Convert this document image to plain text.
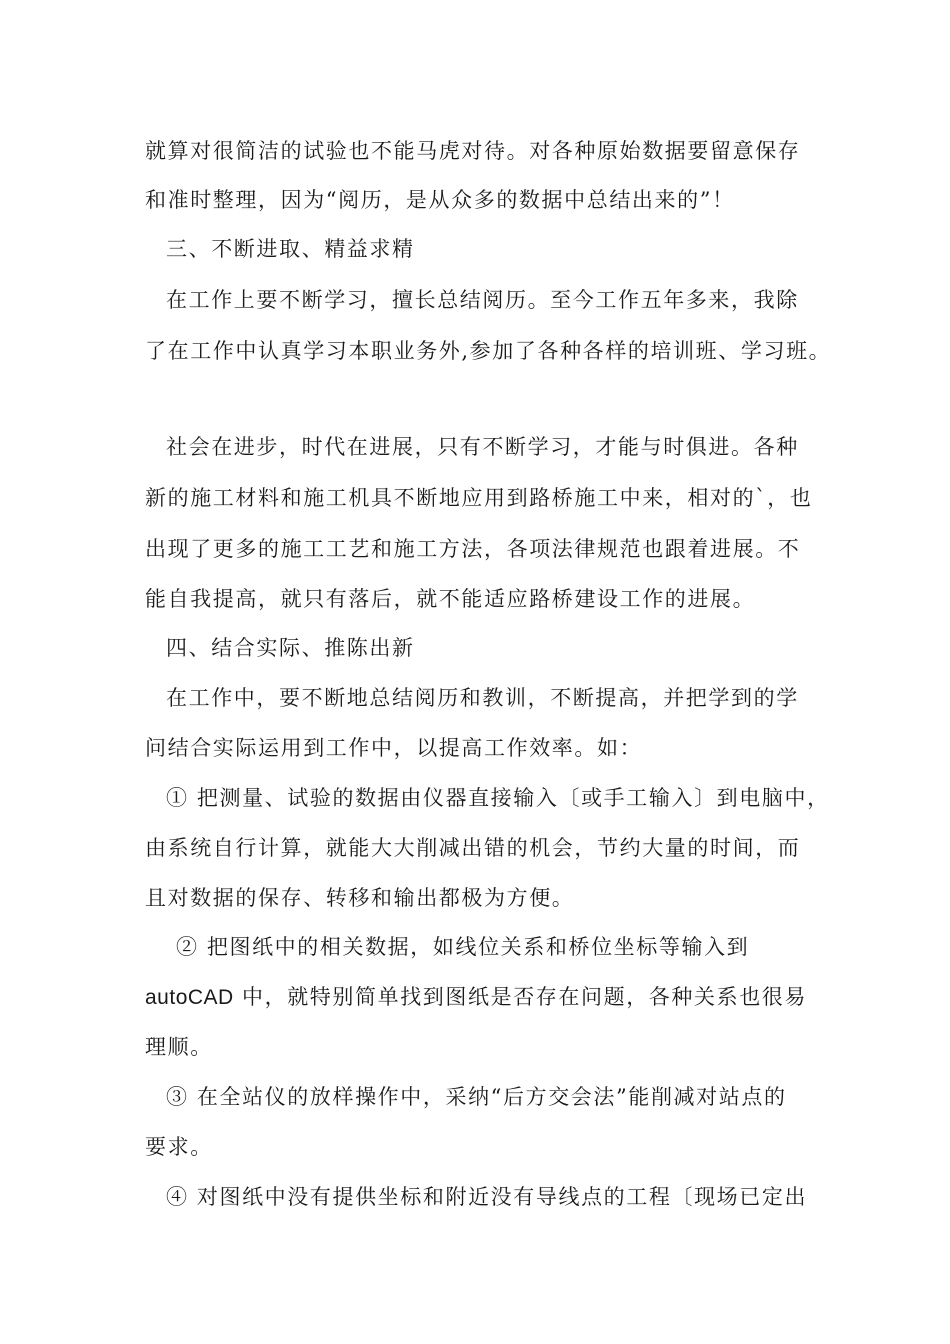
就算对很简洁的试验也不能马虎对待。对各种原始数据要留意保存

和准时整理，因为“阅历，是从众多的数据中总结出来的”！

三、不断进取、精益求精

在工作上要不断学习，擅长总结阅历。至今工作五年多来，我除

了在工作中认真学习本职业务外,参加了各种各样的培训班、学习班。

社会在进步，时代在进展，只有不断学习，才能与时俱进。各种

新的施工材料和施工机具不断地应用到路桥施工中来，相对的`，也

出现了更多的施工工艺和施工方法，各项法律规范也跟着进展。不

能自我提高，就只有落后，就不能适应路桥建设工作的进展。

四、结合实际、推陈出新

在工作中，要不断地总结阅历和教训，不断提高，并把学到的学

问结合实际运用到工作中，以提高工作效率。如：

① 把测量、试验的数据由仪器直接输入〔或手工输入〕到电脑中，

由系统自行计算，就能大大削减出错的机会，节约大量的时间，而

且对数据的保存、转移和输出都极为方便。

② 把图纸中的相关数据，如线位关系和桥位坐标等输入到

autoCAD 中，就特别简单找到图纸是否存在问题，各种关系也很易

理顺。

③ 在全站仪的放样操作中，采纳“后方交会法”能削减对站点的

要求。

④ 对图纸中没有提供坐标和附近没有导线点的工程〔现场已定出
